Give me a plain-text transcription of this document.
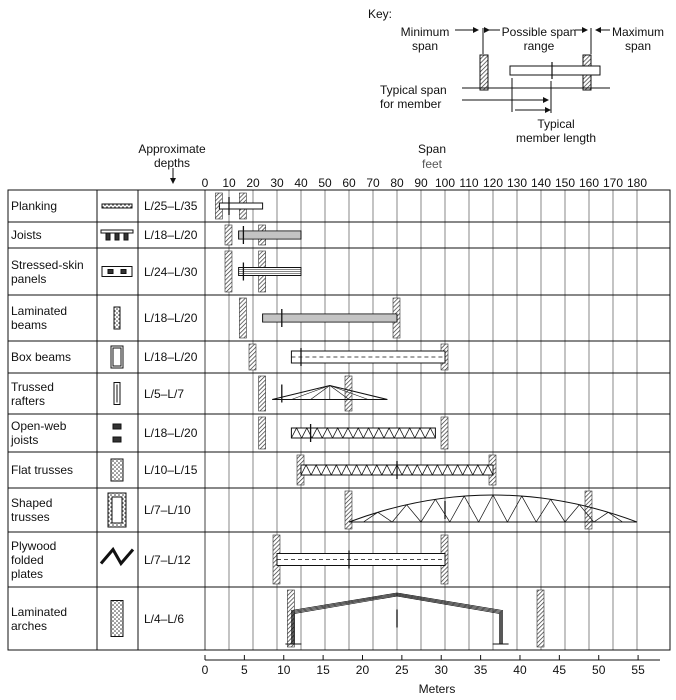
0 10 20 30 40 50 60 70 80 90 100 110 120 130 140 150 160 170 180
0	5 10 15 20 25 30 35 40 45 50 55
Key:
Minimum
span
Possible span
range
Maximum
span
Typical span
for member
Typical
member length
Approximate
depths
Span
feet
Meters
Planking	L/25–L/35
Joists	L/18–L/20
Stressed-skin
panels	L/24–L/30
Laminated
beams	L/18–L/20
Box beams	L/18–L/20
Trussed
rafters	L/5–L/7
Open-web
joists	L/18–L/20
Flat trusses	L/10–L/15
Shaped
trusses	L/7–L/10
Plywood
folded
plates
L/7–L/12
Laminated
arches	L/4–L/6
